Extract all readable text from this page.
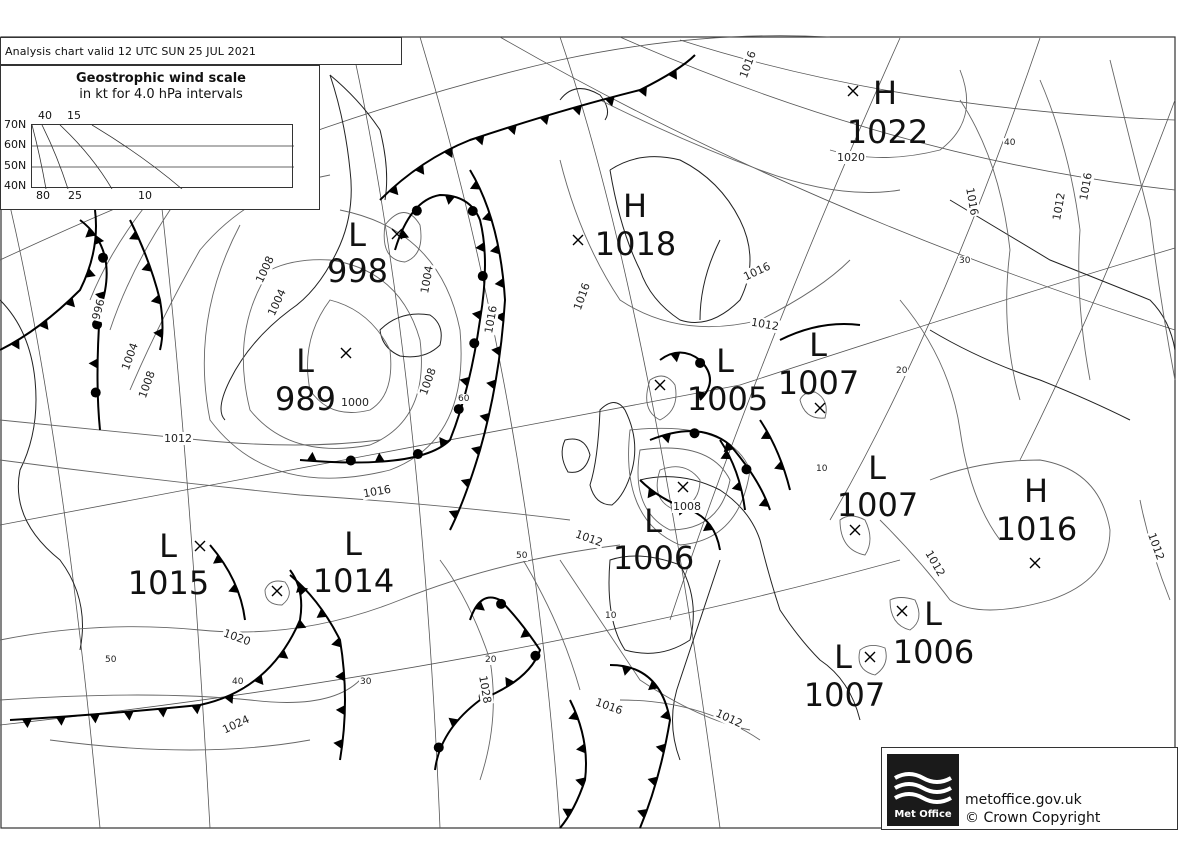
Analysis chart valid 12 UTC SUN 25 JUL 2021
Geostrophic wind scale
in kt for 4.0 hPa intervals
40 15
70N
60N
50N
40N
80 25	10
H
1022
H
1018
L
998
L
989
L
1005
L
1007
L
1007	H
1016
L
1006
L
1015
L
1014
L
1006
L
1007
1016
1020
1016
1008
1004
1004	1016
1016
1016	1012
996
1004
1008
1012
1000
1008
1016
1012
1008
1012
1012
1016
1020
1024
1012
1016
1012
1028
40
30
20
10
60
50
10
20
30
40
50
Met Office
metoffice.gov.uk
© Crown Copyright
